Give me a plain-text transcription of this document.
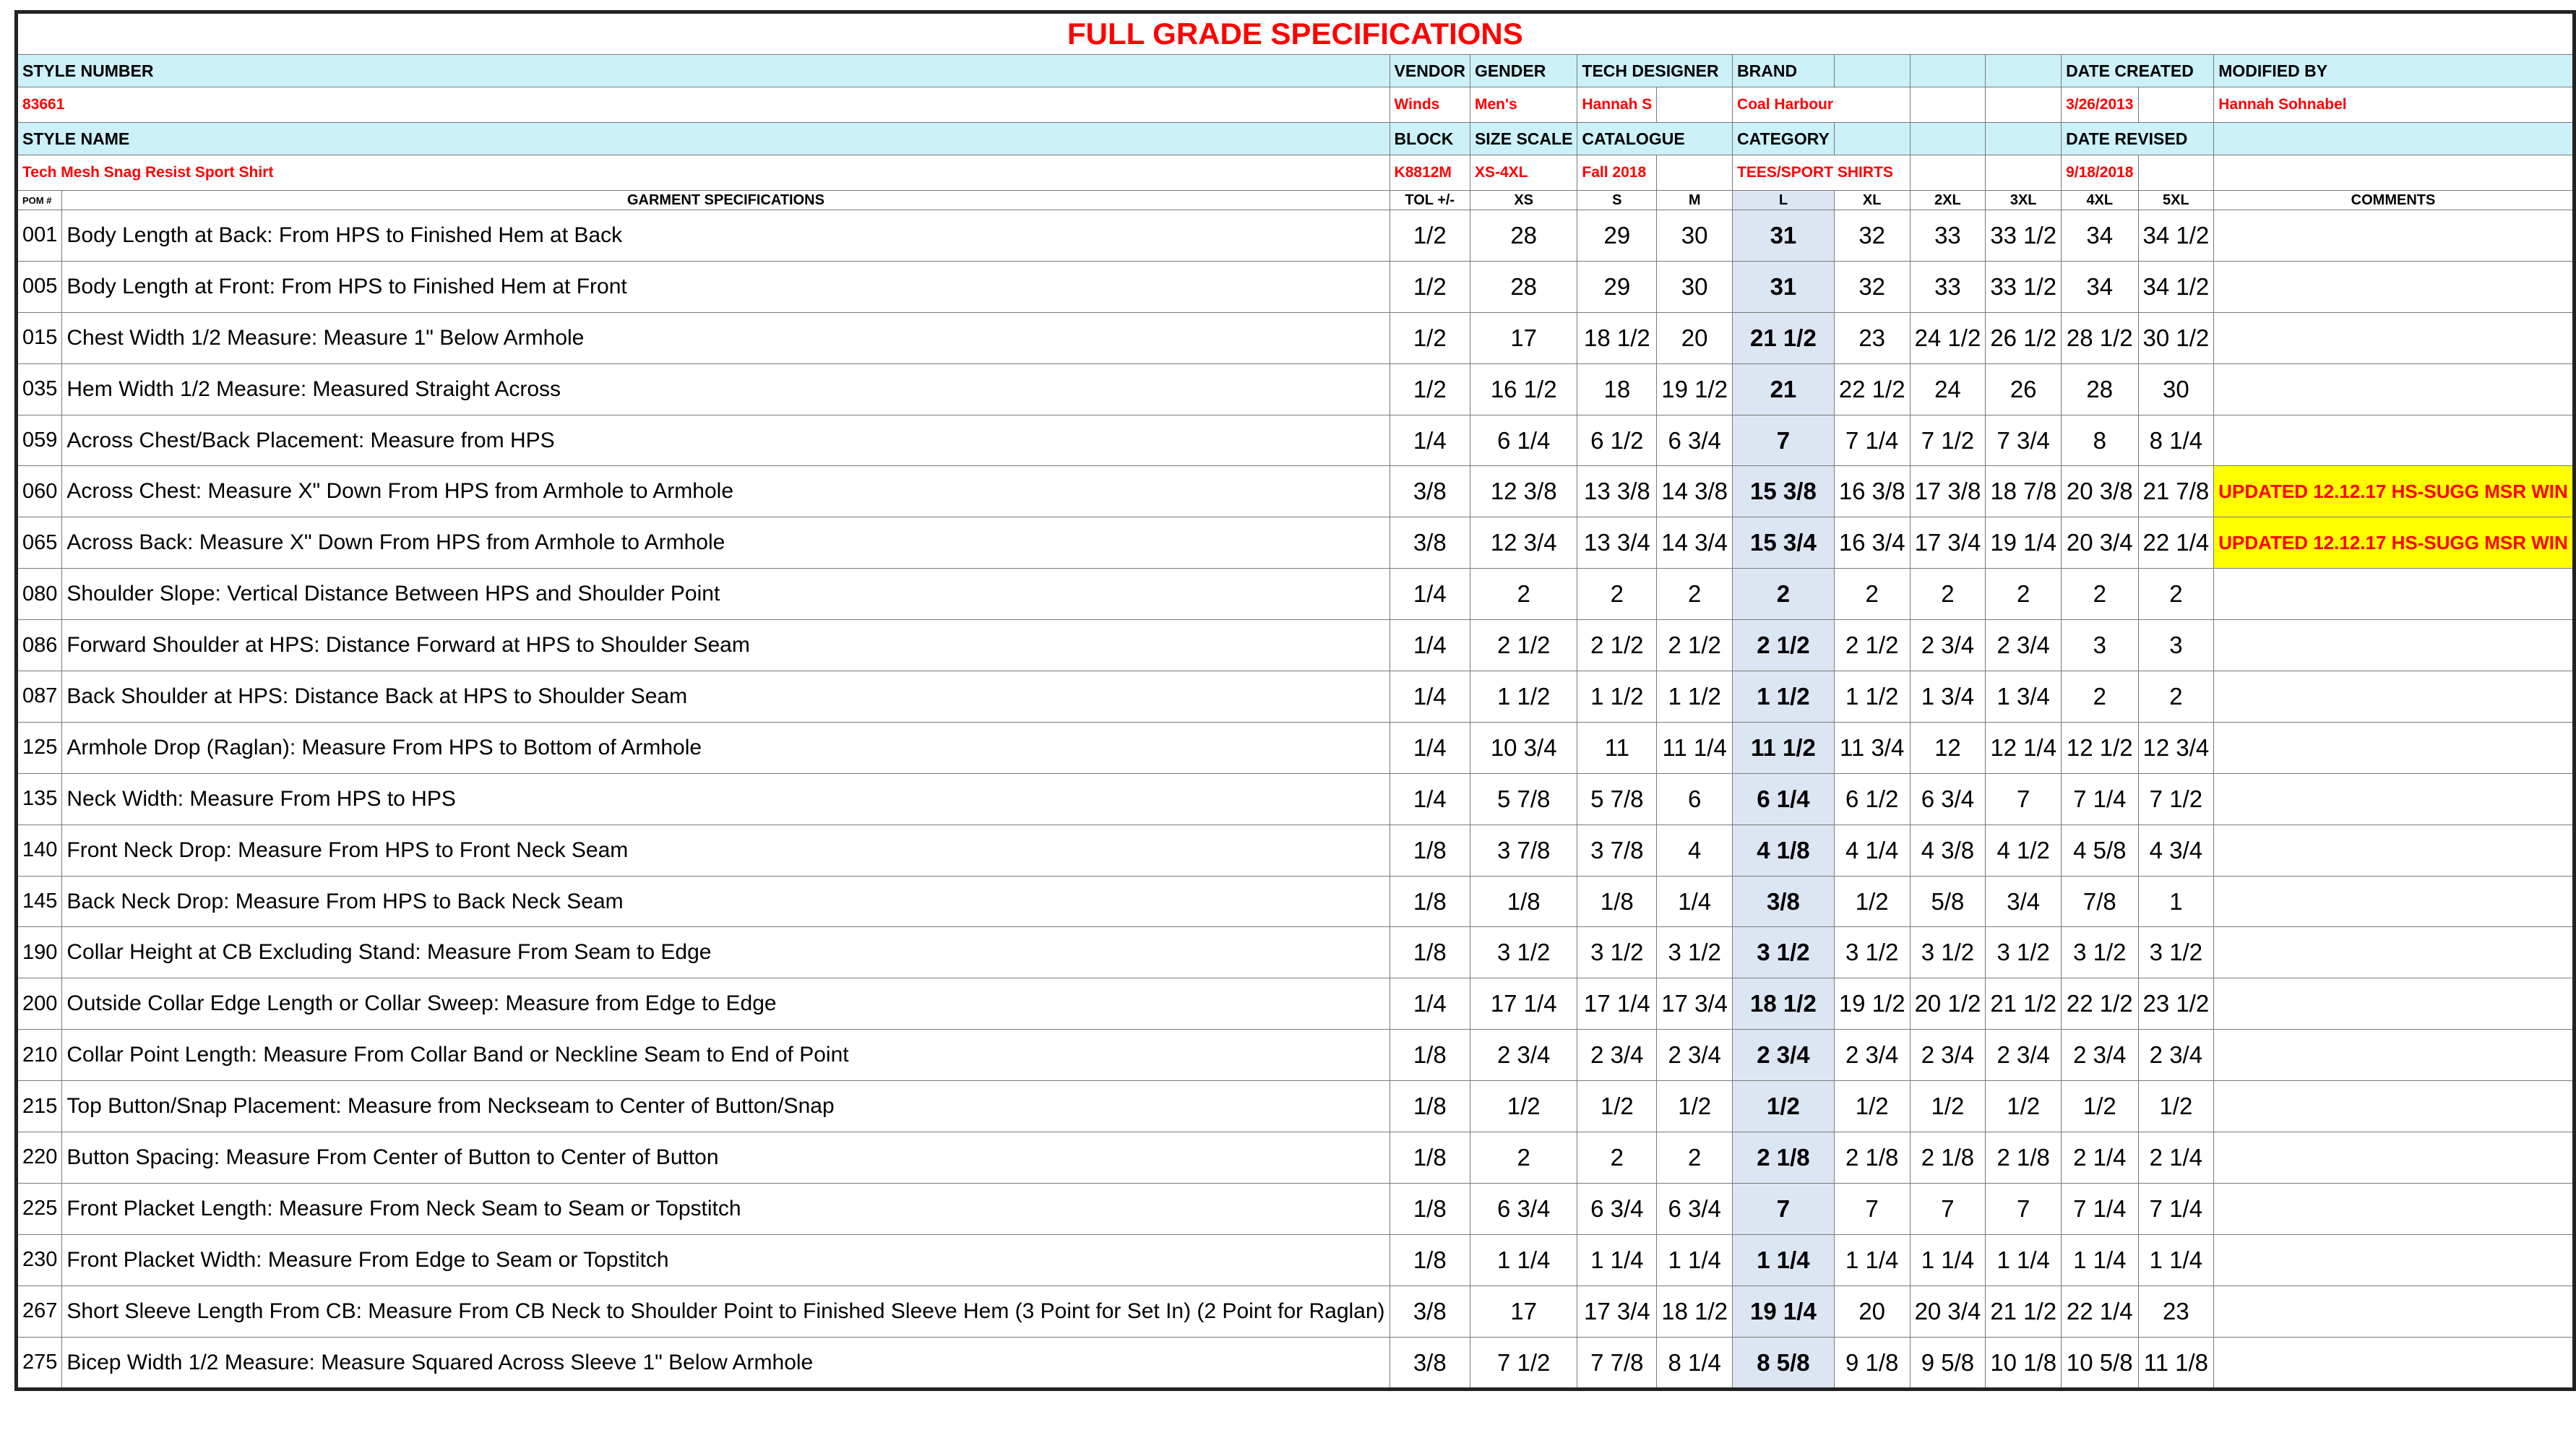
FULL GRADE SPECIFICATIONS												
STYLE NUMBER		VENDOR	GENDER	TECH DESIGNER		BRAND				DATE CREATED		MODIFIED BY
83661		Winds	Men's	Hannah S		Coal Harbour				3/26/2013		Hannah Sohnabel
STYLE NAME		BLOCK	SIZE SCALE	CATALOGUE		CATEGORY				DATE REVISED		
Tech Mesh Snag Resist Sport Shirt		K8812M	XS-4XL	Fall 2018		TEES/SPORT SHIRTS				9/18/2018		
POM #	GARMENT SPECIFICATIONS	TOL +/-	XS	S	M	L	XL	2XL	3XL	4XL	5XL	COMMENTS
001	Body Length at Back: From HPS to Finished Hem at Back	1/2	28	29	30	31	32	33	33 1/2	34	34 1/2	
005	Body Length at Front: From HPS to Finished Hem at Front	1/2	28	29	30	31	32	33	33 1/2	34	34 1/2	
015	Chest Width 1/2 Measure: Measure 1" Below Armhole	1/2	17	18 1/2	20	21 1/2	23	24 1/2	26 1/2	28 1/2	30 1/2	
035	Hem Width 1/2 Measure: Measured Straight Across	1/2	16 1/2	18	19 1/2	21	22 1/2	24	26	28	30	
059	Across Chest/Back Placement: Measure from HPS	1/4	6 1/4	6 1/2	6 3/4	7	7 1/4	7 1/2	7 3/4	8	8 1/4	
060	Across Chest: Measure X" Down From HPS from Armhole to Armhole	3/8	12 3/8	13 3/8	14 3/8	15 3/8	16 3/8	17 3/8	18 7/8	20 3/8	21 7/8	UPDATED 12.12.17 HS-SUGG MSR WIN
065	Across Back: Measure X" Down From HPS from Armhole to Armhole	3/8	12 3/4	13 3/4	14 3/4	15 3/4	16 3/4	17 3/4	19 1/4	20 3/4	22 1/4	UPDATED 12.12.17 HS-SUGG MSR WIN
080	Shoulder Slope: Vertical Distance Between HPS and Shoulder Point	1/4	2	2	2	2	2	2	2	2	2	
086	Forward Shoulder at HPS: Distance Forward at HPS to Shoulder Seam	1/4	2 1/2	2 1/2	2 1/2	2 1/2	2 1/2	2 3/4	2 3/4	3	3	
087	Back Shoulder at HPS: Distance Back at HPS to Shoulder Seam	1/4	1 1/2	1 1/2	1 1/2	1 1/2	1 1/2	1 3/4	1 3/4	2	2	
125	Armhole Drop (Raglan): Measure From HPS to Bottom of Armhole	1/4	10 3/4	11	11 1/4	11 1/2	11 3/4	12	12 1/4	12 1/2	12 3/4	
135	Neck Width: Measure From HPS to HPS	1/4	5 7/8	5 7/8	6	6 1/4	6 1/2	6 3/4	7	7 1/4	7 1/2	
140	Front Neck Drop: Measure From HPS to Front Neck Seam	1/8	3 7/8	3 7/8	4	4 1/8	4 1/4	4 3/8	4 1/2	4 5/8	4 3/4	
145	Back Neck Drop: Measure From HPS to Back Neck Seam	1/8	1/8	1/8	1/4	3/8	1/2	5/8	3/4	7/8	1	
190	Collar Height at CB Excluding Stand: Measure From Seam to Edge	1/8	3 1/2	3 1/2	3 1/2	3 1/2	3 1/2	3 1/2	3 1/2	3 1/2	3 1/2	
200	Outside Collar Edge Length or Collar Sweep: Measure from Edge to Edge	1/4	17 1/4	17 1/4	17 3/4	18 1/2	19 1/2	20 1/2	21 1/2	22 1/2	23 1/2	
210	Collar Point Length: Measure From Collar Band or Neckline Seam to End of Point	1/8	2 3/4	2 3/4	2 3/4	2 3/4	2 3/4	2 3/4	2 3/4	2 3/4	2 3/4	
215	Top Button/Snap Placement: Measure from Neckseam to Center of Button/Snap	1/8	1/2	1/2	1/2	1/2	1/2	1/2	1/2	1/2	1/2	
220	Button Spacing: Measure From Center of Button to Center of Button	1/8	2	2	2	2 1/8	2 1/8	2 1/8	2 1/8	2 1/4	2 1/4	
225	Front Placket Length: Measure From Neck Seam to Seam or Topstitch	1/8	6 3/4	6 3/4	6 3/4	7	7	7	7	7 1/4	7 1/4	
230	Front Placket Width: Measure From Edge to Seam or Topstitch	1/8	1 1/4	1 1/4	1 1/4	1 1/4	1 1/4	1 1/4	1 1/4	1 1/4	1 1/4	
267	Short Sleeve Length From CB: Measure From CB Neck to Shoulder Point to Finished Sleeve Hem (3 Point for Set In) (2 Point for Raglan)	3/8	17	17 3/4	18 1/2	19 1/4	20	20 3/4	21 1/2	22 1/4	23	
275	Bicep Width 1/2 Measure: Measure Squared Across Sleeve 1" Below Armhole	3/8	7 1/2	7 7/8	8 1/4	8 5/8	9 1/8	9 5/8	10 1/8	10 5/8	11 1/8	
